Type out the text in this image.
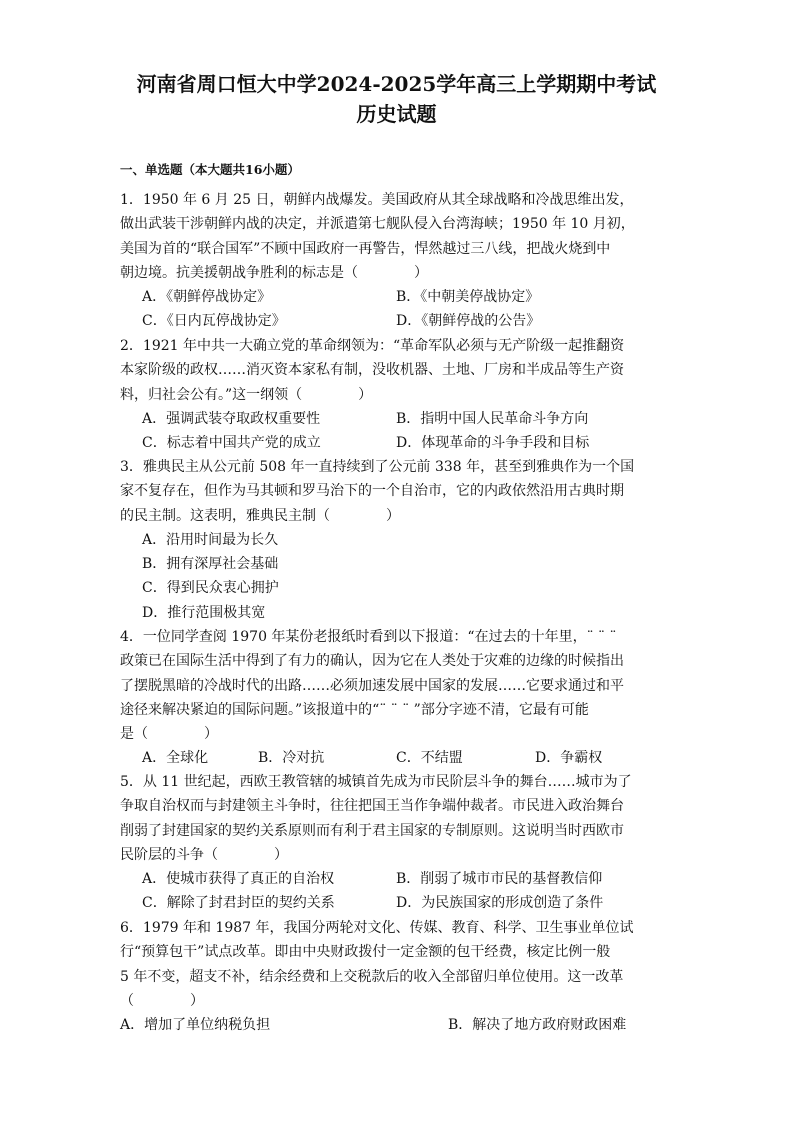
河南省周口恒大中学2024-2025学年高三上学期期中考试
历史试题
一、单选题（本大题共16小题）

1．1950 年 6 月 25 日，朝鲜内战爆发。美国政府从其全球战略和冷战思维出发，

做出武装干涉朝鲜内战的决定，并派遣第七舰队侵入台湾海峡；1950 年 10 月初，

美国为首的“联合国军”不顾中国政府一再警告，悍然越过三八线，把战火烧到中

朝边境。抗美援朝战争胜利的标志是（　　　　）

A．《朝鲜停战协定》	B．《中朝美停战协定》
C．《日内瓦停战协定》	D．《朝鲜停战的公告》

2．1921 年中共一大确立党的革命纲领为：“革命军队必须与无产阶级一起推翻资

本家阶级的政权……消灭资本家私有制，没收机器、土地、厂房和半成品等生产资

料，归社会公有。”这一纲领（　　　　）

A．强调武装夺取政权重要性	B．指明中国人民革命斗争方向
C．标志着中国共产党的成立	D．体现革命的斗争手段和目标

3．雅典民主从公元前 508 年一直持续到了公元前 338 年，甚至到雅典作为一个国

家不复存在，但作为马其顿和罗马治下的一个自治市，它的内政依然沿用古典时期

的民主制。这表明，雅典民主制（　　　　）

A．沿用时间最为长久
B．拥有深厚社会基础
C．得到民众衷心拥护
D．推行范围极其宽

4．一位同学查阅 1970 年某份老报纸时看到以下报道：“在过去的十年里，¨ ¨ ¨

政策已在国际生活中得到了有力的确认，因为它在人类处于灾难的边缘的时候指出

了摆脱黑暗的冷战时代的出路……必须加速发展中国家的发展……它要求通过和平

途径来解决紧迫的国际问题。”该报道中的“¨ ¨ ¨ ”部分字迹不清，它最有可能

是（　　　　）

A．全球化	B．冷对抗	C．不结盟	D．争霸权

5．从 11 世纪起，西欧王教管辖的城镇首先成为市民阶层斗争的舞台……城市为了

争取自治权而与封建领主斗争时，往往把国王当作争端仲裁者。市民进入政治舞台

削弱了封建国家的契约关系原则而有利于君主国家的专制原则。这说明当时西欧市

民阶层的斗争（　　　　）

A．使城市获得了真正的自治权	B．削弱了城市市民的基督教信仰
C．解除了封君封臣的契约关系	D．为民族国家的形成创造了条件

6．1979 年和 1987 年，我国分两轮对文化、传媒、教育、科学、卫生事业单位试

行“预算包干”试点改革。即由中央财政拨付一定金额的包干经费，核定比例一般

5 年不变，超支不补，结余经费和上交税款后的收入全部留归单位使用。这一改革

（　　　　）

A．增加了单位纳税负担	B．解决了地方政府财政困难
